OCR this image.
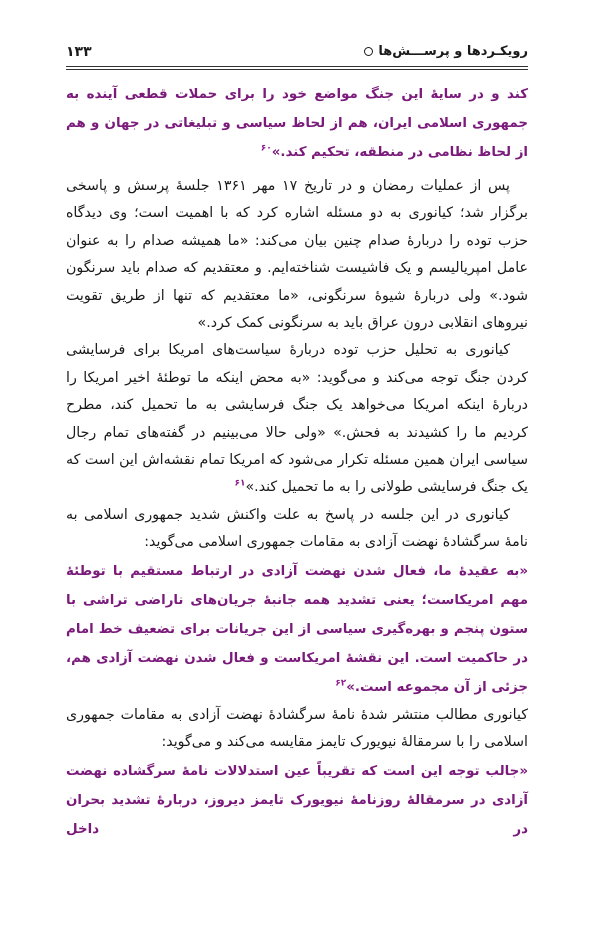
رویکـردها و پرســـش‌ها
۱۳۳

کند و در سایهٔ این جنگ مواضع خود را برای حملات قطعی آینده به جمهوری اسلامی ایران، هم از لحاظ سیاسی و تبلیغاتی در جهان و هم از لحاظ نظامی در منطقه، تحکیم کند.»$^{۶۰}$

پس از عملیات رمضان و در تاریخ ۱۷ مهر ۱۳۶۱ جلسهٔ پرسش و پاسخی برگزار شد؛ کیانوری به دو مسئله اشاره کرد که با اهمیت است؛ وی دیدگاه حزب توده را دربارهٔ صدام چنین بیان می‌کند: «ما همیشه صدام را به عنوان عامل امپریالیسم و یک فاشیست شناخته‌ایم. و معتقدیم که صدام باید سرنگون شود.» ولی دربارهٔ شیوهٔ سرنگونی، «ما معتقدیم که تنها از طریق تقویت نیروهای انقلابی درون عراق باید به سرنگونی کمک کرد.»

کیانوری به تحلیل حزب توده دربارهٔ سیاست‌های امریکا برای فرسایشی کردن جنگ توجه می‌کند و می‌گوید: «به محض اینکه ما توطئهٔ اخیر امریکا را دربارهٔ اینکه امریکا می‌خواهد یک جنگ فرسایشی به ما تحمیل کند، مطرح کردیم ما را کشیدند به فحش.» «ولی حالا می‌بینیم در گفته‌های تمام رجال سیاسی ایران همین مسئله تکرار می‌شود که امریکا تمام نقشه‌اش این است که یک جنگ فرسایشی طولانی را به ما تحمیل کند.»$^{۶۱}$

کیانوری در این جلسه در پاسخ به علت واکنش شدید جمهوری اسلامی به نامهٔ سرگشادهٔ نهضت آزادی به مقامات جمهوری اسلامی می‌گوید:

«به عقیدهٔ ما، فعال شدن نهضت آزادی در ارتباط مستقیم با توطئهٔ مهم امریکاست؛ یعنی تشدید همه جانبهٔ جریان‌های ناراضی تراشی با ستون پنجم و بهره‌گیری سیاسی از این جریانات برای تضعیف خط امام در حاکمیت است. این نقشهٔ امریکاست و فعال شدن نهضت آزادی هم، جزئی از آن مجموعه است.»$^{۶۲}$

کیانوری مطالب منتشر شدهٔ نامهٔ سرگشادهٔ نهضت آزادی به مقامات جمهوری اسلامی را با سرمقالهٔ نیویورک تایمز مقایسه می‌کند و می‌گوید:

«جالب توجه این است که تقریباً عین استدلالات نامهٔ سرگشاده نهضت آزادی در سرمقالهٔ روزنامهٔ نیویورک تایمز دیروز، دربارهٔ تشدید بحران در داخل
